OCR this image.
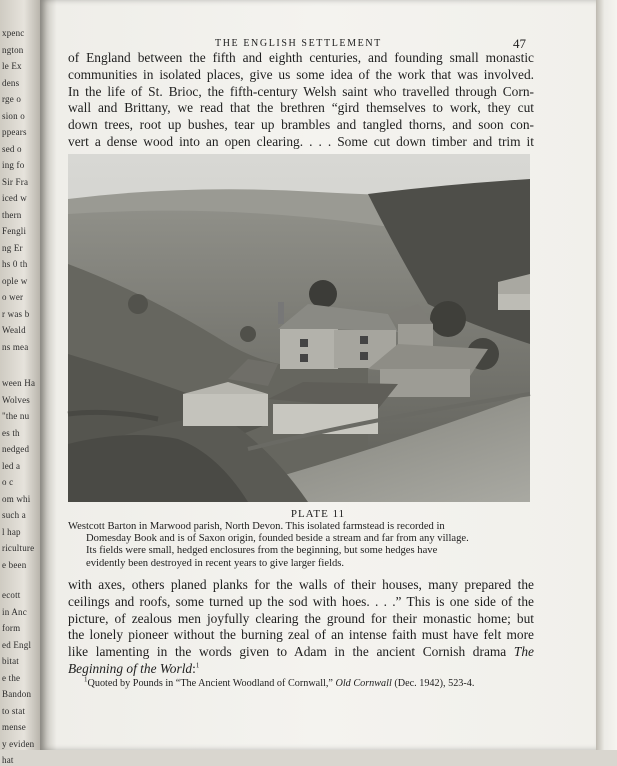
xpenc
ngton
le Ex
dens
rge o
sion o
ppears
sed o
ing fo
Sir Fra
iced w
thern
Fengli
ng Er
hs 0 th
ople w
o wer
r was b
Weald
ns mea
ween Ha
Wolves
"the nu
es th
nedged
led a
o c
om whi
such a
l hap
riculture
e been
ecott
in Anc
form
ed Engl
bitat
e the
Bandon
to stat
mense
y eviden
hat
THE ENGLISH SETTLEMENT	47
of England between the fifth and eighth centuries, and founding small monastic
communities in isolated places, give us some idea of the work that was involved.
In the life of St. Brioc, the fifth-century Welsh saint who travelled through Corn-
wall and Brittany, we read that the brethren “gird themselves to work, they cut
down trees, root up bushes, tear up brambles and tangled thorns, and soon con-
vert a dense wood into an open clearing. . . . Some cut down timber and trim it
PLATE 11
Westcott Barton in Marwood parish, North Devon. This isolated farmstead is recorded in
Domesday Book and is of Saxon origin, founded beside a stream and far from any village.
Its fields were small, hedged enclosures from the beginning, but some hedges have
evidently been destroyed in recent years to give larger fields.
with axes, others planed planks for the walls of their houses, many prepared the
ceilings and roofs, some turned up the sod with hoes. . . .” This is one side of the
picture, of zealous men joyfully clearing the ground for their monastic home; but
the lonely pioneer without the burning zeal of an intense faith must have felt more
like lamenting in the words given to Adam in the ancient Cornish drama The
Beginning of the World:$^1$
$^1$Quoted by Pounds in “The Ancient Woodland of Cornwall,” Old Cornwall (Dec. 1942), 523-4.
